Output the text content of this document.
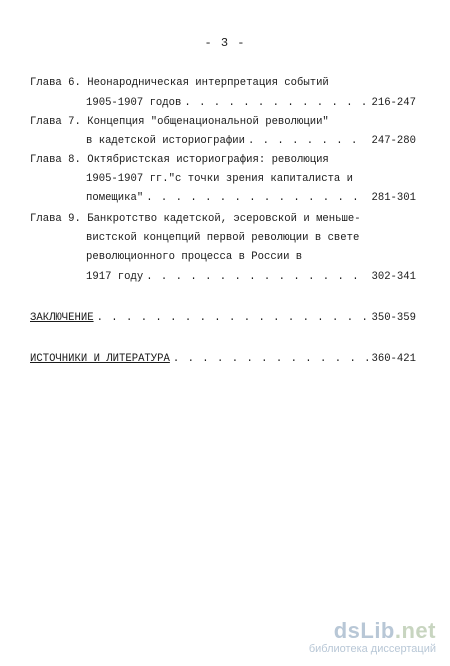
- 3 -
Глава 6. Неонародническая интерпретация событий
1905-1907 годов . . .	216-247
Глава 7. Концепция "общенациональной революции"
в кадетской историографии . . .	247-280
Глава 8. Октябристская историография: революция
1905-1907 гг."с точки зрения капиталиста и
помещика" . . .	281-301
Глава 9. Банкротство кадетской, эсеровской и меньше-
вистской концепций первой революции в свете
революционного процесса в России в
1917 году . . .	302-341
ЗАКЛЮЧЕНИЕ . . .	350-359
ИСТОЧНИКИ И ЛИТЕРАТУРА . . .	360-421
dsLib.net
библиотека диссертаций
